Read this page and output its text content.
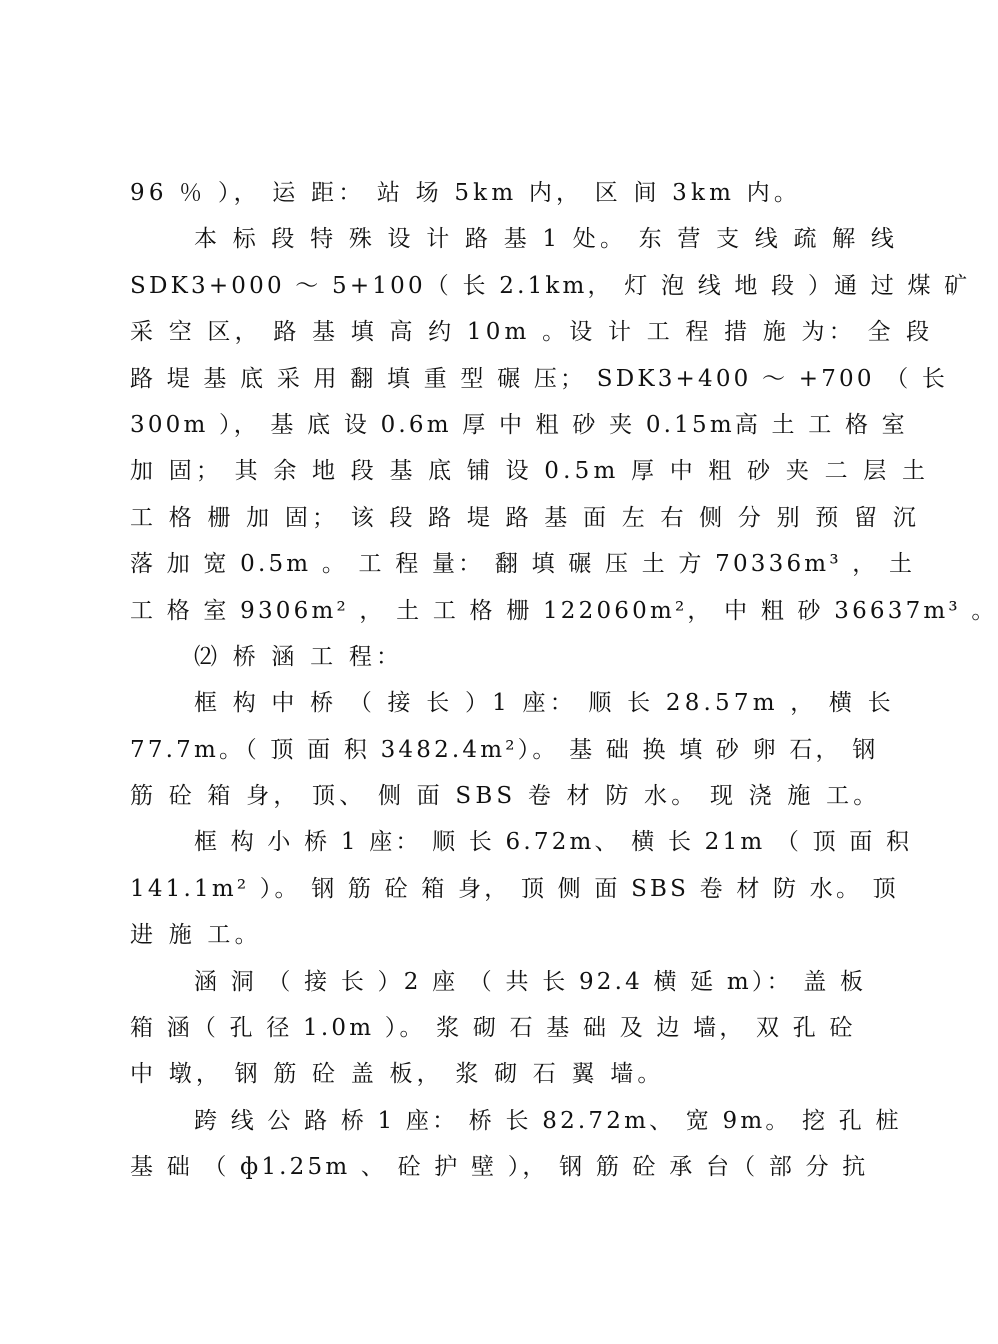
96 ％ ）， 运 距： 站 场 5km 内， 区 间 3km 内。
本 标 段 特 殊 设 计 路 基 1 处。 东 营 支 线 疏 解 线
SDK3+000 ～ 5+100（ 长 2.1km， 灯 泡 线 地 段 ）通 过 煤 矿
采 空 区， 路 基 填 高 约 10m 。设 计 工 程 措 施 为： 全 段
路 堤 基 底 采 用 翻 填 重 型 碾 压； SDK3+400 ～ +700 （ 长
300m ）， 基 底 设 0.6m 厚 中 粗 砂 夹 0.15m高 土 工 格 室
加 固； 其 余 地 段 基 底 铺 设 0.5m 厚 中 粗 砂 夹 二 层 土
工 格 栅 加 固； 该 段 路 堤 路 基 面 左 右 侧 分 别 预 留 沉
落 加 宽 0.5m 。 工 程 量： 翻 填 碾 压 土 方 70336m³ ， 土
工 格 室 9306m² ， 土 工 格 栅 122060m²， 中 粗 砂 36637m³ 。
⑵ 桥 涵 工 程：
框 构 中 桥 （ 接 长 ）1 座： 顺 长 28.57m ， 横 长
77.7m。（ 顶 面 积 3482.4m²）。 基 础 换 填 砂 卵 石， 钢
筋 砼 箱 身， 顶、 侧 面 SBS 卷 材 防 水。 现 浇 施 工。
框 构 小 桥 1 座： 顺 长 6.72m、 横 长 21m （ 顶 面 积
141.1m² ）。 钢 筋 砼 箱 身， 顶 侧 面 SBS 卷 材 防 水。 顶
进 施 工。
涵 洞 （ 接 长 ）2 座 （ 共 长 92.4 横 延 m）： 盖 板
箱 涵（ 孔 径 1.0m ）。 浆 砌 石 基 础 及 边 墙， 双 孔 砼
中 墩， 钢 筋 砼 盖 板， 浆 砌 石 翼 墙。
跨 线 公 路 桥 1 座： 桥 长 82.72m、 宽 9m。 挖 孔 桩
基 础 （ ф1.25m 、 砼 护 壁 ）， 钢 筋 砼 承 台（ 部 分 抗
